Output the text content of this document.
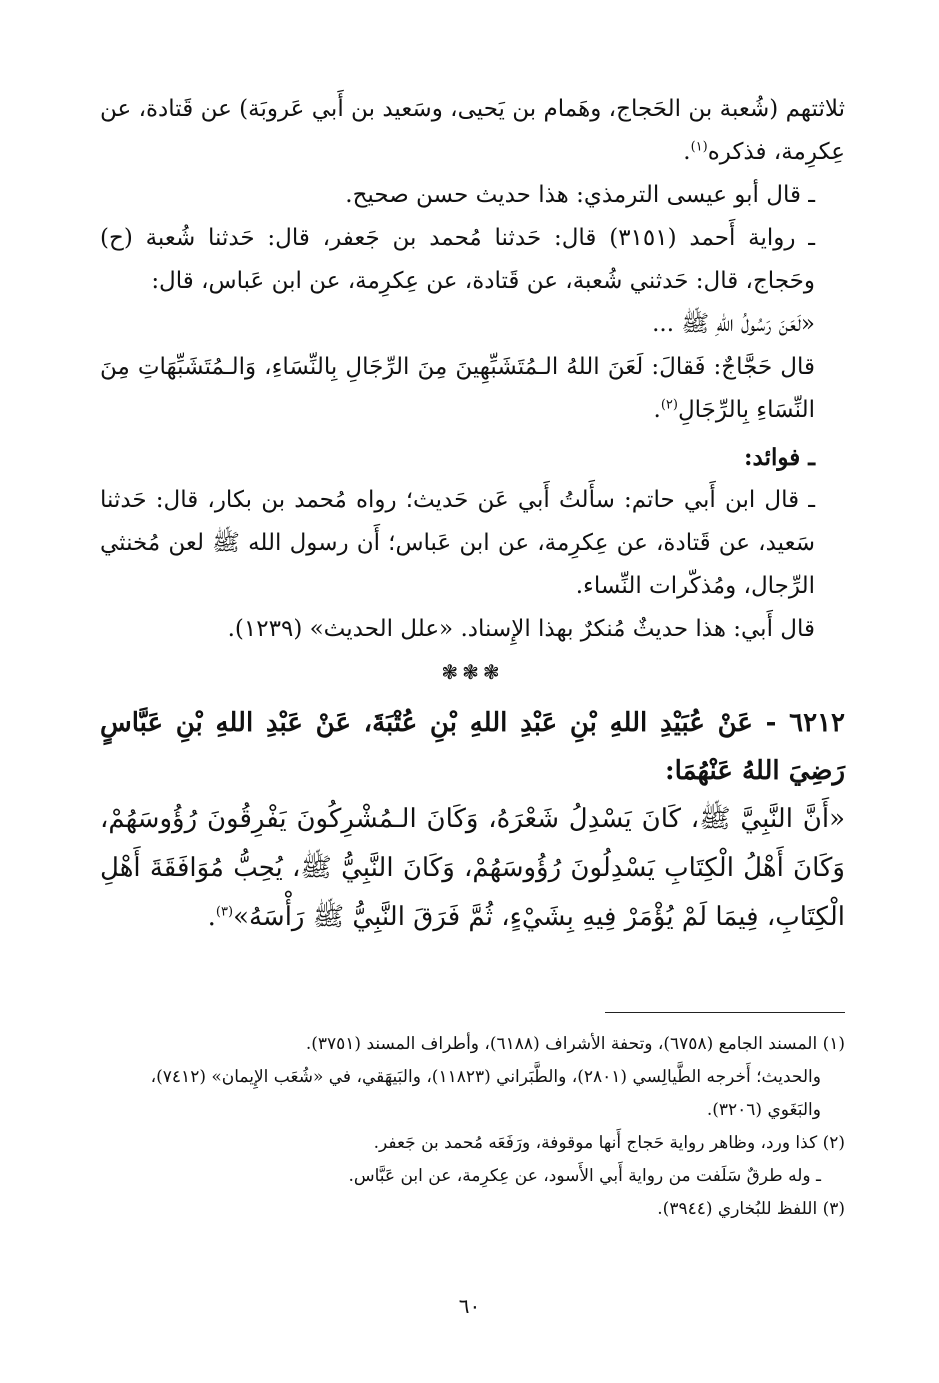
ثلاثتهم (شُعبة بن الحَجاج، وهَمام بن يَحيى، وسَعيد بن أَبي عَروبَة) عن قَتادة، عن عِكرِمة، فذكره$^{(١)}$.

ـ قال أبو عيسى الترمذي: هذا حديث حسن صحيح.

ـ رواية أَحمد (٣١٥١) قال: حَدثنا مُحمد بن جَعفر، قال: حَدثنا شُعبة (ح) وحَجاج، قال: حَدثني شُعبة، عن قَتادة، عن عِكرِمة، عن ابن عَباس، قال:

«لَعَنَ رَسُولُ اللهِ ﷺ ...

قال حَجَّاجٌ: فَقالَ: لَعَنَ اللهُ الـمُتَشَبِّهِينَ مِنَ الرِّجَالِ بِالنِّسَاءِ، وَالـمُتَشَبِّهَاتِ مِنَ النِّسَاءِ بِالرِّجَالِ$^{(٢)}$.

ـ فوائد:

ـ قال ابن أَبي حاتم: سأَلتُ أَبي عَن حَديث؛ رواه مُحمد بن بكار، قال: حَدثنا سَعيد، عن قَتادة، عن عِكرِمة، عن ابن عَباس؛ أَن رسول الله ﷺ لعن مُخنثي الرِّجال، ومُذكّرات النِّساء.

قال أَبي: هذا حديثٌ مُنكرٌ بهذا الإِسناد. «علل الحديث» (١٢٣٩).

❃❃❃

٦٢١٢ - عَنْ عُبَيْدِ اللهِ بْنِ عَبْدِ اللهِ بْنِ عُتْبَةَ، عَنْ عَبْدِ اللهِ بْنِ عَبَّاسٍ رَضِيَ اللهُ عَنْهُمَا:

«أَنَّ النَّبِيَّ ﷺ، كَانَ يَسْدِلُ شَعْرَهُ، وَكَانَ الـمُشْرِكُونَ يَفْرِقُونَ رُؤُوسَهُمْ، وَكَانَ أَهْلُ الْكِتَابِ يَسْدِلُونَ رُؤُوسَهُمْ، وَكَانَ النَّبِيُّ ﷺ، يُحِبُّ مُوَافَقَةَ أَهْلِ الْكِتَابِ، فِيمَا لَمْ يُؤْمَرْ فِيهِ بِشَيْءٍ، ثُمَّ فَرَقَ النَّبِيُّ ﷺ رَأْسَهُ»$^{(٣)}$.

(١) المسند الجامع (٦٧٥٨)، وتحفة الأشراف (٦١٨٨)، وأطراف المسند (٣٧٥١).

والحديث؛ أَخرجه الطَّيالِسي (٢٨٠١)، والطَّبَراني (١١٨٢٣)، والبَيهَقي، في «شُعَب الإِيمان» (٧٤١٢)، والبَغَوي (٣٢٠٦).

(٢) كذا ورد، وظاهر رواية حَجاج أَنها موقوفة، ورَفَعَه مُحمد بن جَعفر.

ـ وله طرقٌ سَلَفت من رواية أَبي الأَسود، عن عِكرِمة، عن ابن عَبَّاس.

(٣) اللفظ للبُخاري (٣٩٤٤).

٦٠
